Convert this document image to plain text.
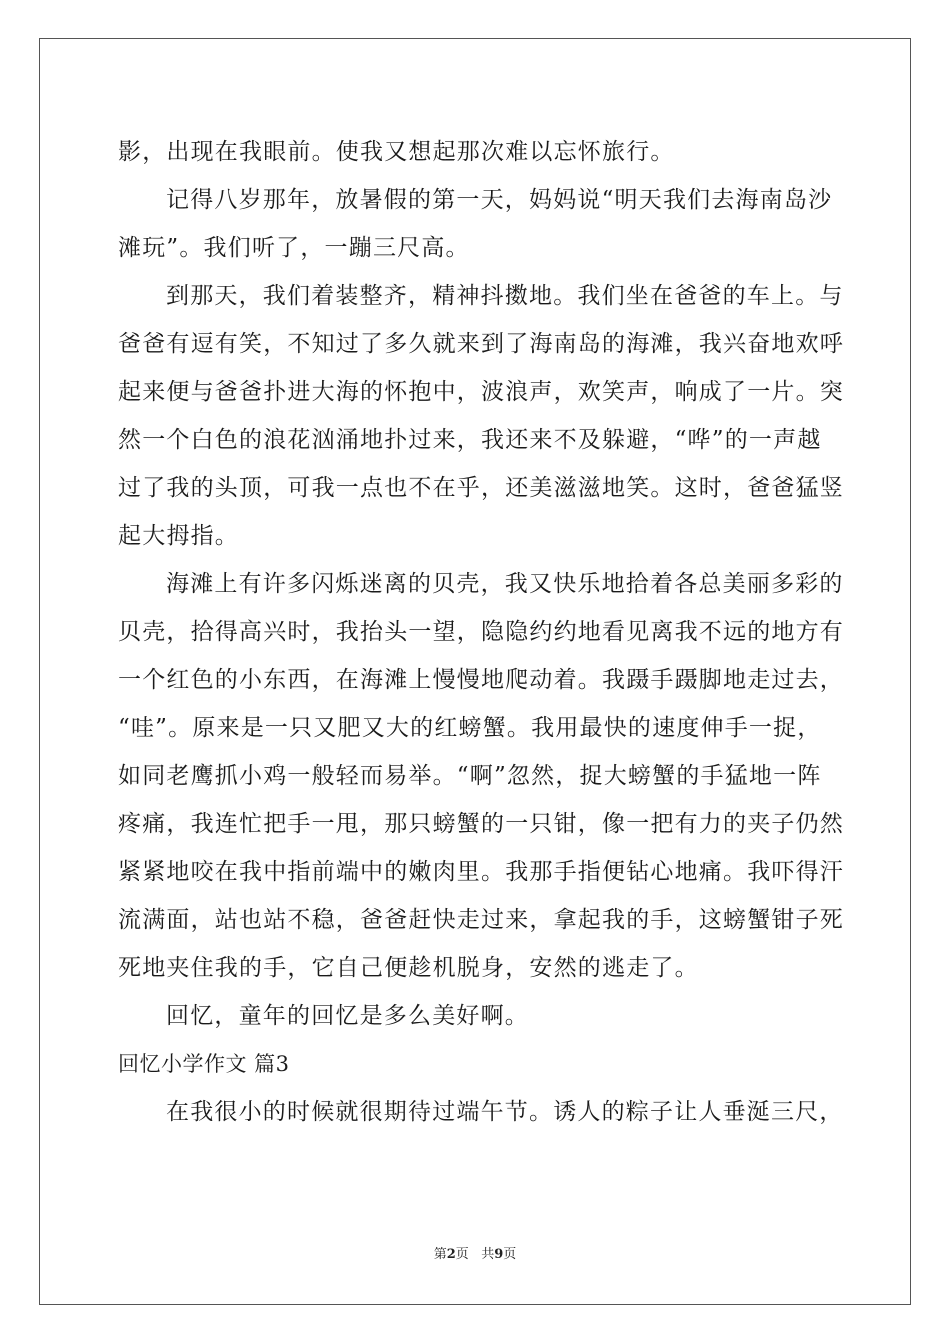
影，出现在我眼前。使我又想起那次难以忘怀旅行。
记得八岁那年，放暑假的第一天，妈妈说“明天我们去海南岛沙
滩玩”。我们听了，一蹦三尺高。
到那天，我们着装整齐，精神抖擞地。我们坐在爸爸的车上。与
爸爸有逗有笑，不知过了多久就来到了海南岛的海滩，我兴奋地欢呼
起来便与爸爸扑进大海的怀抱中，波浪声，欢笑声，响成了一片。突
然一个白色的浪花汹涌地扑过来，我还来不及躲避，“哗”的一声越
过了我的头顶，可我一点也不在乎，还美滋滋地笑。这时，爸爸猛竖
起大拇指。
海滩上有许多闪烁迷离的贝壳，我又快乐地拾着各总美丽多彩的
贝壳，拾得高兴时，我抬头一望，隐隐约约地看见离我不远的地方有
一个红色的小东西，在海滩上慢慢地爬动着。我蹑手蹑脚地走过去，
“哇”。原来是一只又肥又大的红螃蟹。我用最快的速度伸手一捉，
如同老鹰抓小鸡一般轻而易举。“啊”忽然，捉大螃蟹的手猛地一阵
疼痛，我连忙把手一甩，那只螃蟹的一只钳，像一把有力的夹子仍然
紧紧地咬在我中指前端中的嫩肉里。我那手指便钻心地痛。我吓得汗
流满面，站也站不稳，爸爸赶快走过来，拿起我的手，这螃蟹钳子死
死地夹住我的手，它自己便趁机脱身，安然的逃走了。
回忆，童年的回忆是多么美好啊。
回忆小学作文 篇3
在我很小的时候就很期待过端午节。诱人的粽子让人垂涎三尺，
第2页 共9页
